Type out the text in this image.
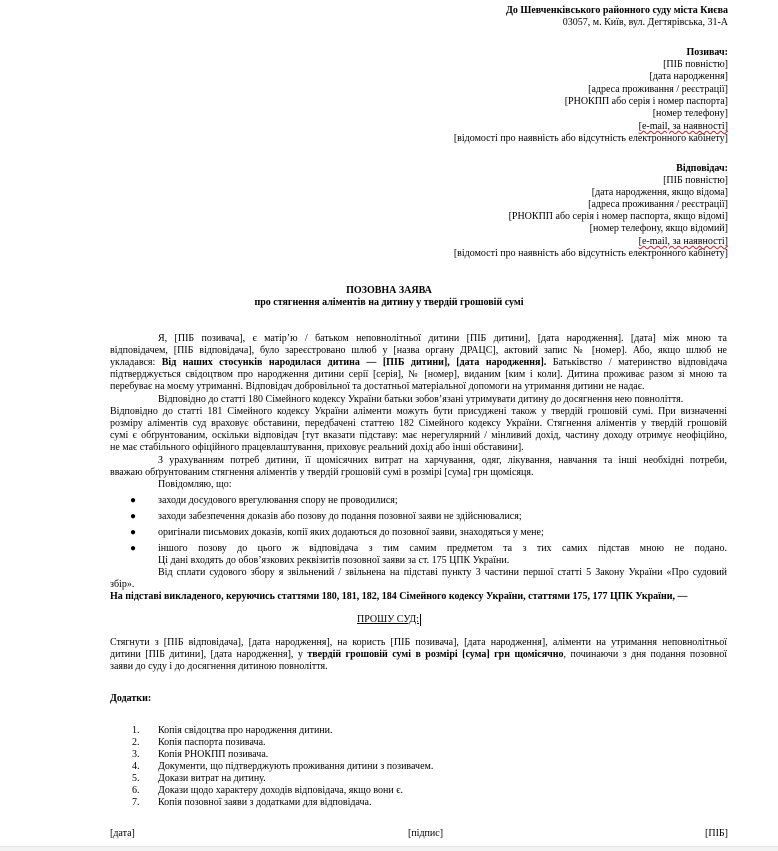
До Шевченківського районного суду міста Києва
03057, м. Київ, вул. Дегтярівська, 31-А
Позивач:
[ПІБ повністю]
[дата народження]
[адреса проживання / реєстрації]
[РНОКПП або серія і номер паспорта]
[номер телефону]
[e-mail, за наявності]
[відомості про наявність або відсутність електронного кабінету]
Відповідач:
[ПІБ повністю]
[дата народження, якщо відома]
[адреса проживання / реєстрації]
[РНОКПП або серія і номер паспорта, якщо відомі]
[номер телефону, якщо відомий]
[e-mail, за наявності]
[відомості про наявність або відсутність електронного кабінету]
ПОЗОВНА ЗАЯВА
про стягнення аліментів на дитину у твердій грошовій сумі
Я, [ПІБ позивача], є матір’ю / батьком неповнолітньої дитини [ПІБ дитини], [дата народження]. [дата] між мною та
відповідачем, [ПІБ відповідача], було зареєстровано шлюб у [назва органу ДРАЦС], актовий запис № [номер]. Або, якщо шлюб не
укладався: Від наших стосунків народилася дитина — [ПІБ дитини], [дата народження]. Батьківство / материнство відповідача
підтверджується свідоцтвом про народження дитини серії [серія], № [номер], виданим [ким і коли]. Дитина проживає разом зі мною та
перебуває на моєму утриманні. Відповідач добровільної та достатньої матеріальної допомоги на утримання дитини не надає.
Відповідно до статті 180 Сімейного кодексу України батьки зобов’язані утримувати дитину до досягнення нею повноліття.
Відповідно до статті 181 Сімейного кодексу України аліменти можуть бути присуджені також у твердій грошовій сумі. При визначенні
розміру аліментів суд враховує обставини, передбачені статтею 182 Сімейного кодексу України. Стягнення аліментів у твердій грошовій
сумі є обґрунтованим, оскільки відповідач [тут вказати підставу: має нерегулярний / мінливий дохід, частину доходу отримує неофіційно,
не має стабільного офіційного працевлаштування, приховує реальний дохід або інші обставини].
З урахуванням потреб дитини, її щомісячних витрат на харчування, одяг, лікування, навчання та інші необхідні потреби,
вважаю обґрунтованим стягнення аліментів у твердій грошовій сумі в розмірі [сума] грн щомісяця.
Повідомляю, що:
● заходи досудового врегулювання спору не проводилися;
● заходи забезпечення доказів або позову до подання позовної заяви не здійснювалися;
● оригінали письмових доказів, копії яких додаються до позовної заяви, знаходяться у мене;
● іншого позову до цього ж відповідача з тим самим предметом та з тих самих підстав мною не подано.
Ці дані входять до обов’язкових реквізитів позовної заяви за ст. 175 ЦПК України.
Від сплати судового збору я звільнений / звільнена на підставі пункту 3 частини першої статті 5 Закону України «Про судовий
збір».
На підставі викладеного, керуючись статтями 180, 181, 182, 184 Сімейного кодексу України, статтями 175, 177 ЦПК України, —
ПРОШУ СУД:
Стягнути з [ПІБ відповідача], [дата народження], на користь [ПІБ позивача], [дата народження], аліменти на утримання неповнолітньої
дитини [ПІБ дитини], [дата народження], у твердій грошовій сумі в розмірі [сума] грн щомісячно, починаючи з дня подання позовної
заяви до суду і до досягнення дитиною повноліття.
Додатки:
1. Копія свідоцтва про народження дитини.
2. Копія паспорта позивача.
3. Копія РНОКПП позивача.
4. Документи, що підтверджують проживання дитини з позивачем.
5. Докази витрат на дитину.
6. Докази щодо характеру доходів відповідача, якщо вони є.
7. Копія позовної заяви з додатками для відповідача.
[дата]	[підпис]	[ПІБ]
